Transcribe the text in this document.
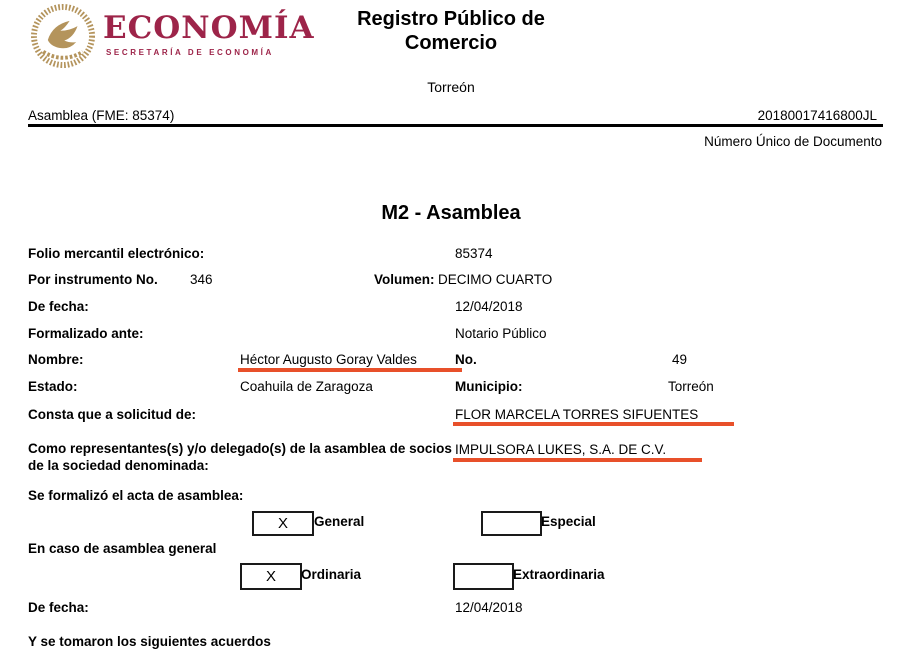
ECONOMÍA
SECRETARÍA DE ECONOMÍA
Registro Público de
Comercio
Torreón
Asamblea (FME: 85374)	20180017416800JL
Número Único de Documento
M2 - Asamblea
Folio mercantil electrónico:	85374
Por instrumento No. 346	Volumen: DECIMO CUARTO
De fecha:	12/04/2018
Formalizado ante:	Notario Público
Nombre:	Héctor Augusto Goray Valdes	No.	49
Estado:	Coahuila de Zaragoza	Municipio:	Torreón
Consta que a solicitud de:	FLOR MARCELA TORRES SIFUENTES
Como representantes(s) y/o delegado(s) de la asamblea de socios de la sociedad denominada:
IMPULSORA LUKES, S.A. DE C.V.
Se formalizó el acta de asamblea:
X General	Especial
En caso de asamblea general
X Ordinaria	Extraordinaria
De fecha:	12/04/2018
Y se tomaron los siguientes acuerdos
